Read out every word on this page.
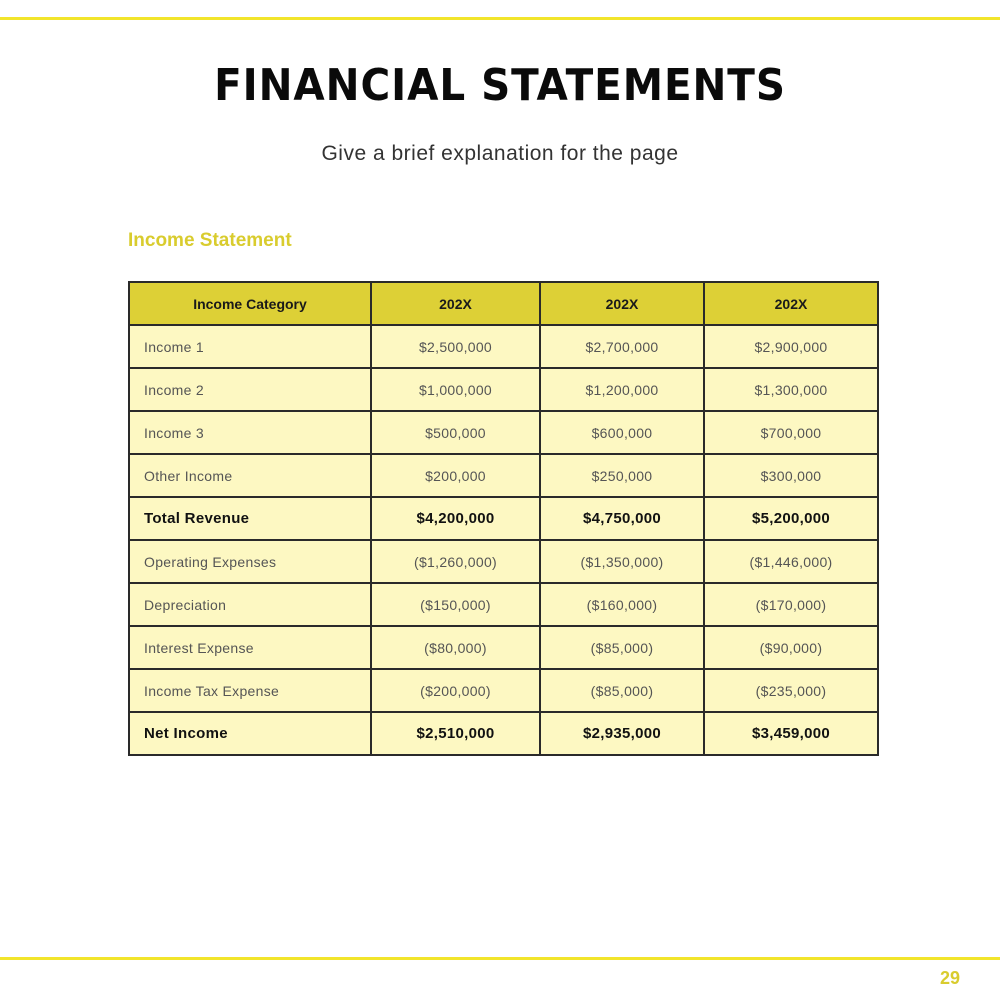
FINANCIAL STATEMENTS
Give a brief explanation for the page
Income Statement
Income Category	202X	202X	202X
Income 1	$2,500,000	$2,700,000	$2,900,000
Income 2	$1,000,000	$1,200,000	$1,300,000
Income 3	$500,000	$600,000	$700,000
Other Income	$200,000	$250,000	$300,000
Total Revenue	$4,200,000	$4,750,000	$5,200,000
Operating Expenses	($1,260,000)	($1,350,000)	($1,446,000)
Depreciation	($150,000)	($160,000)	($170,000)
Interest Expense	($80,000)	($85,000)	($90,000)
Income Tax Expense	($200,000)	($85,000)	($235,000)
Net Income	$2,510,000	$2,935,000	$3,459,000
29
